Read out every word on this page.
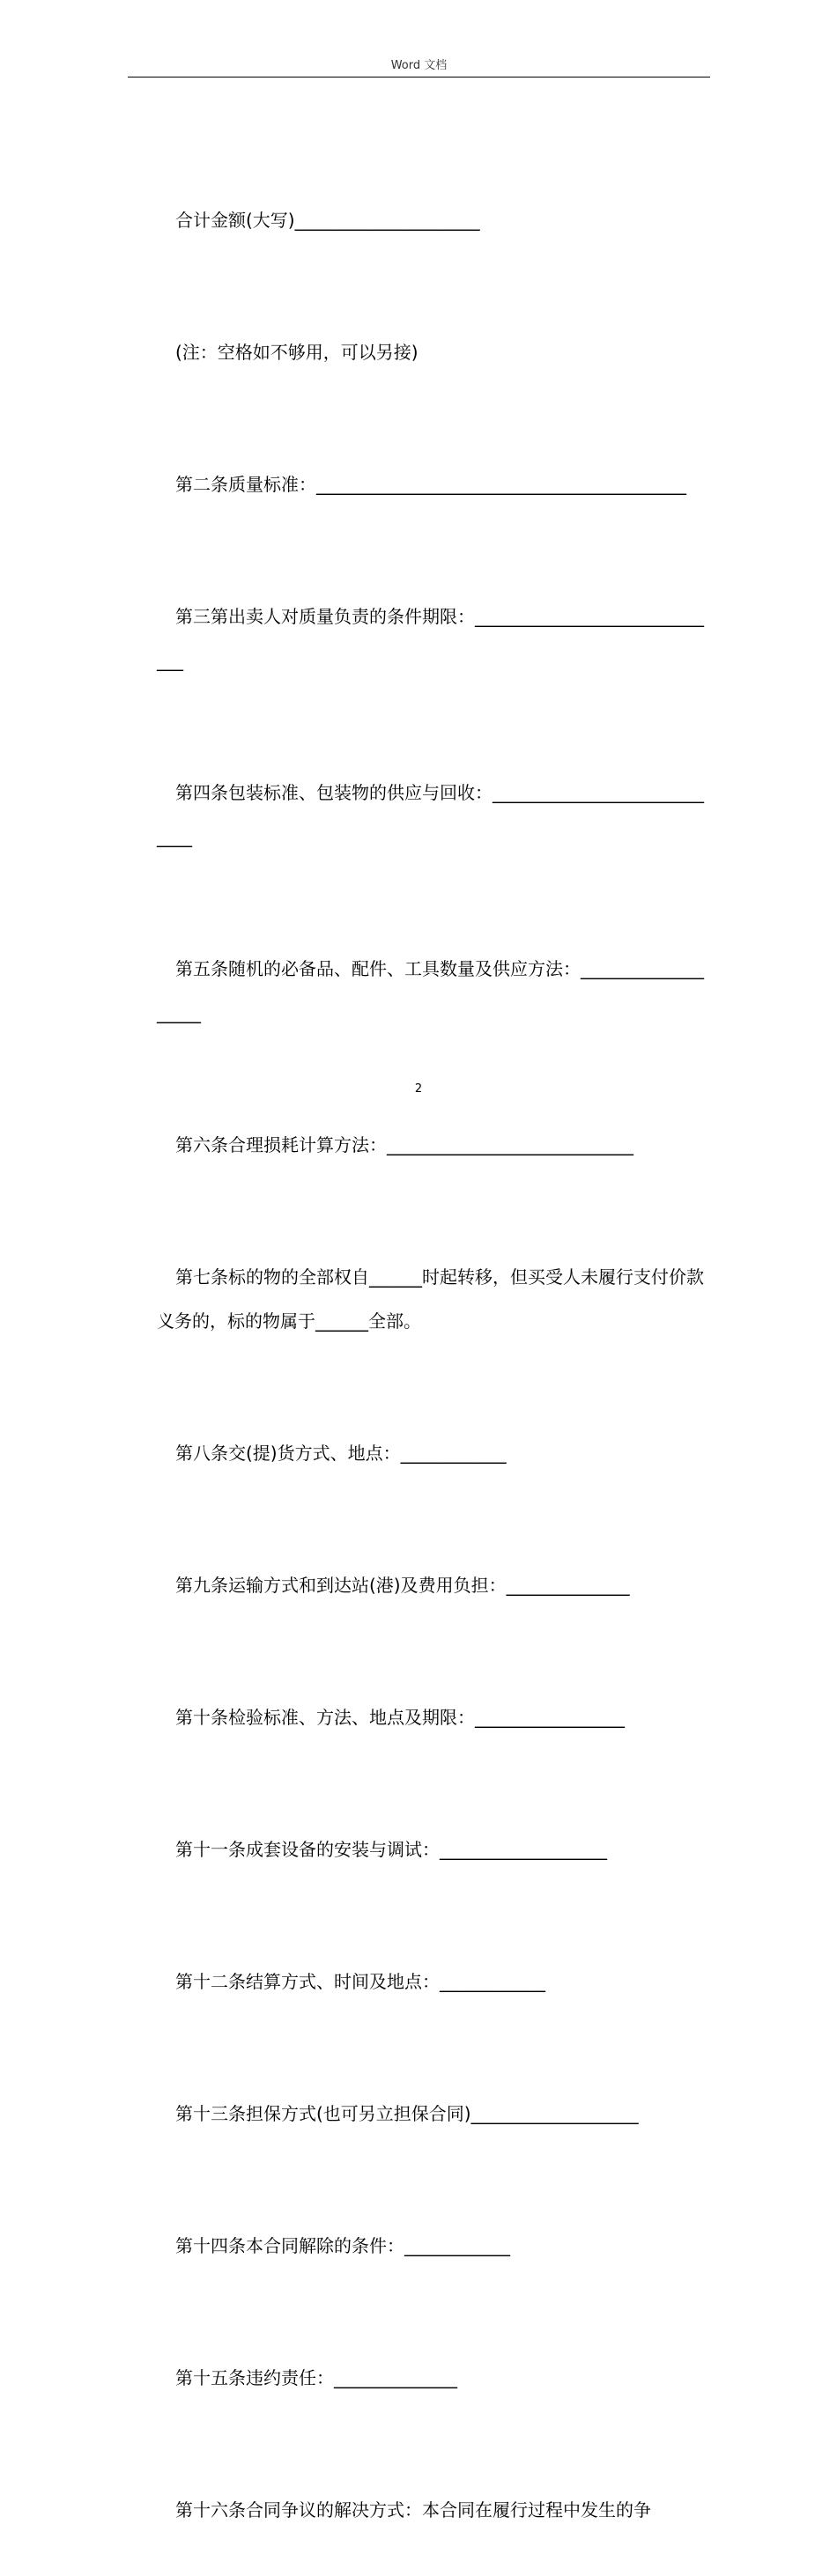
Word 文档

合计金额(大写)_____________________

(注：空格如不够用，可以另接)

第二条质量标准：__________________________________________

第三第出卖人对质量负责的条件期限：_____________________________

第四条包装标准、包装物的供应与回收：____________________________

第五条随机的必备品、配件、工具数量及供应方法：___________________

第六条合理损耗计算方法：____________________________

第七条标的物的全部权自______时起转移，但买受人未履行支付价款义务的，标的物属于______全部。

第八条交(提)货方式、地点：____________

第九条运输方式和到达站(港)及费用负担：______________

第十条检验标准、方法、地点及期限：_________________

第十一条成套设备的安装与调试：___________________

第十二条结算方式、时间及地点：____________

第十三条担保方式(也可另立担保合同)___________________

第十四条本合同解除的条件：____________

第十五条违约责任：______________

第十六条合同争议的解决方式：本合同在履行过程中发生的争

2
